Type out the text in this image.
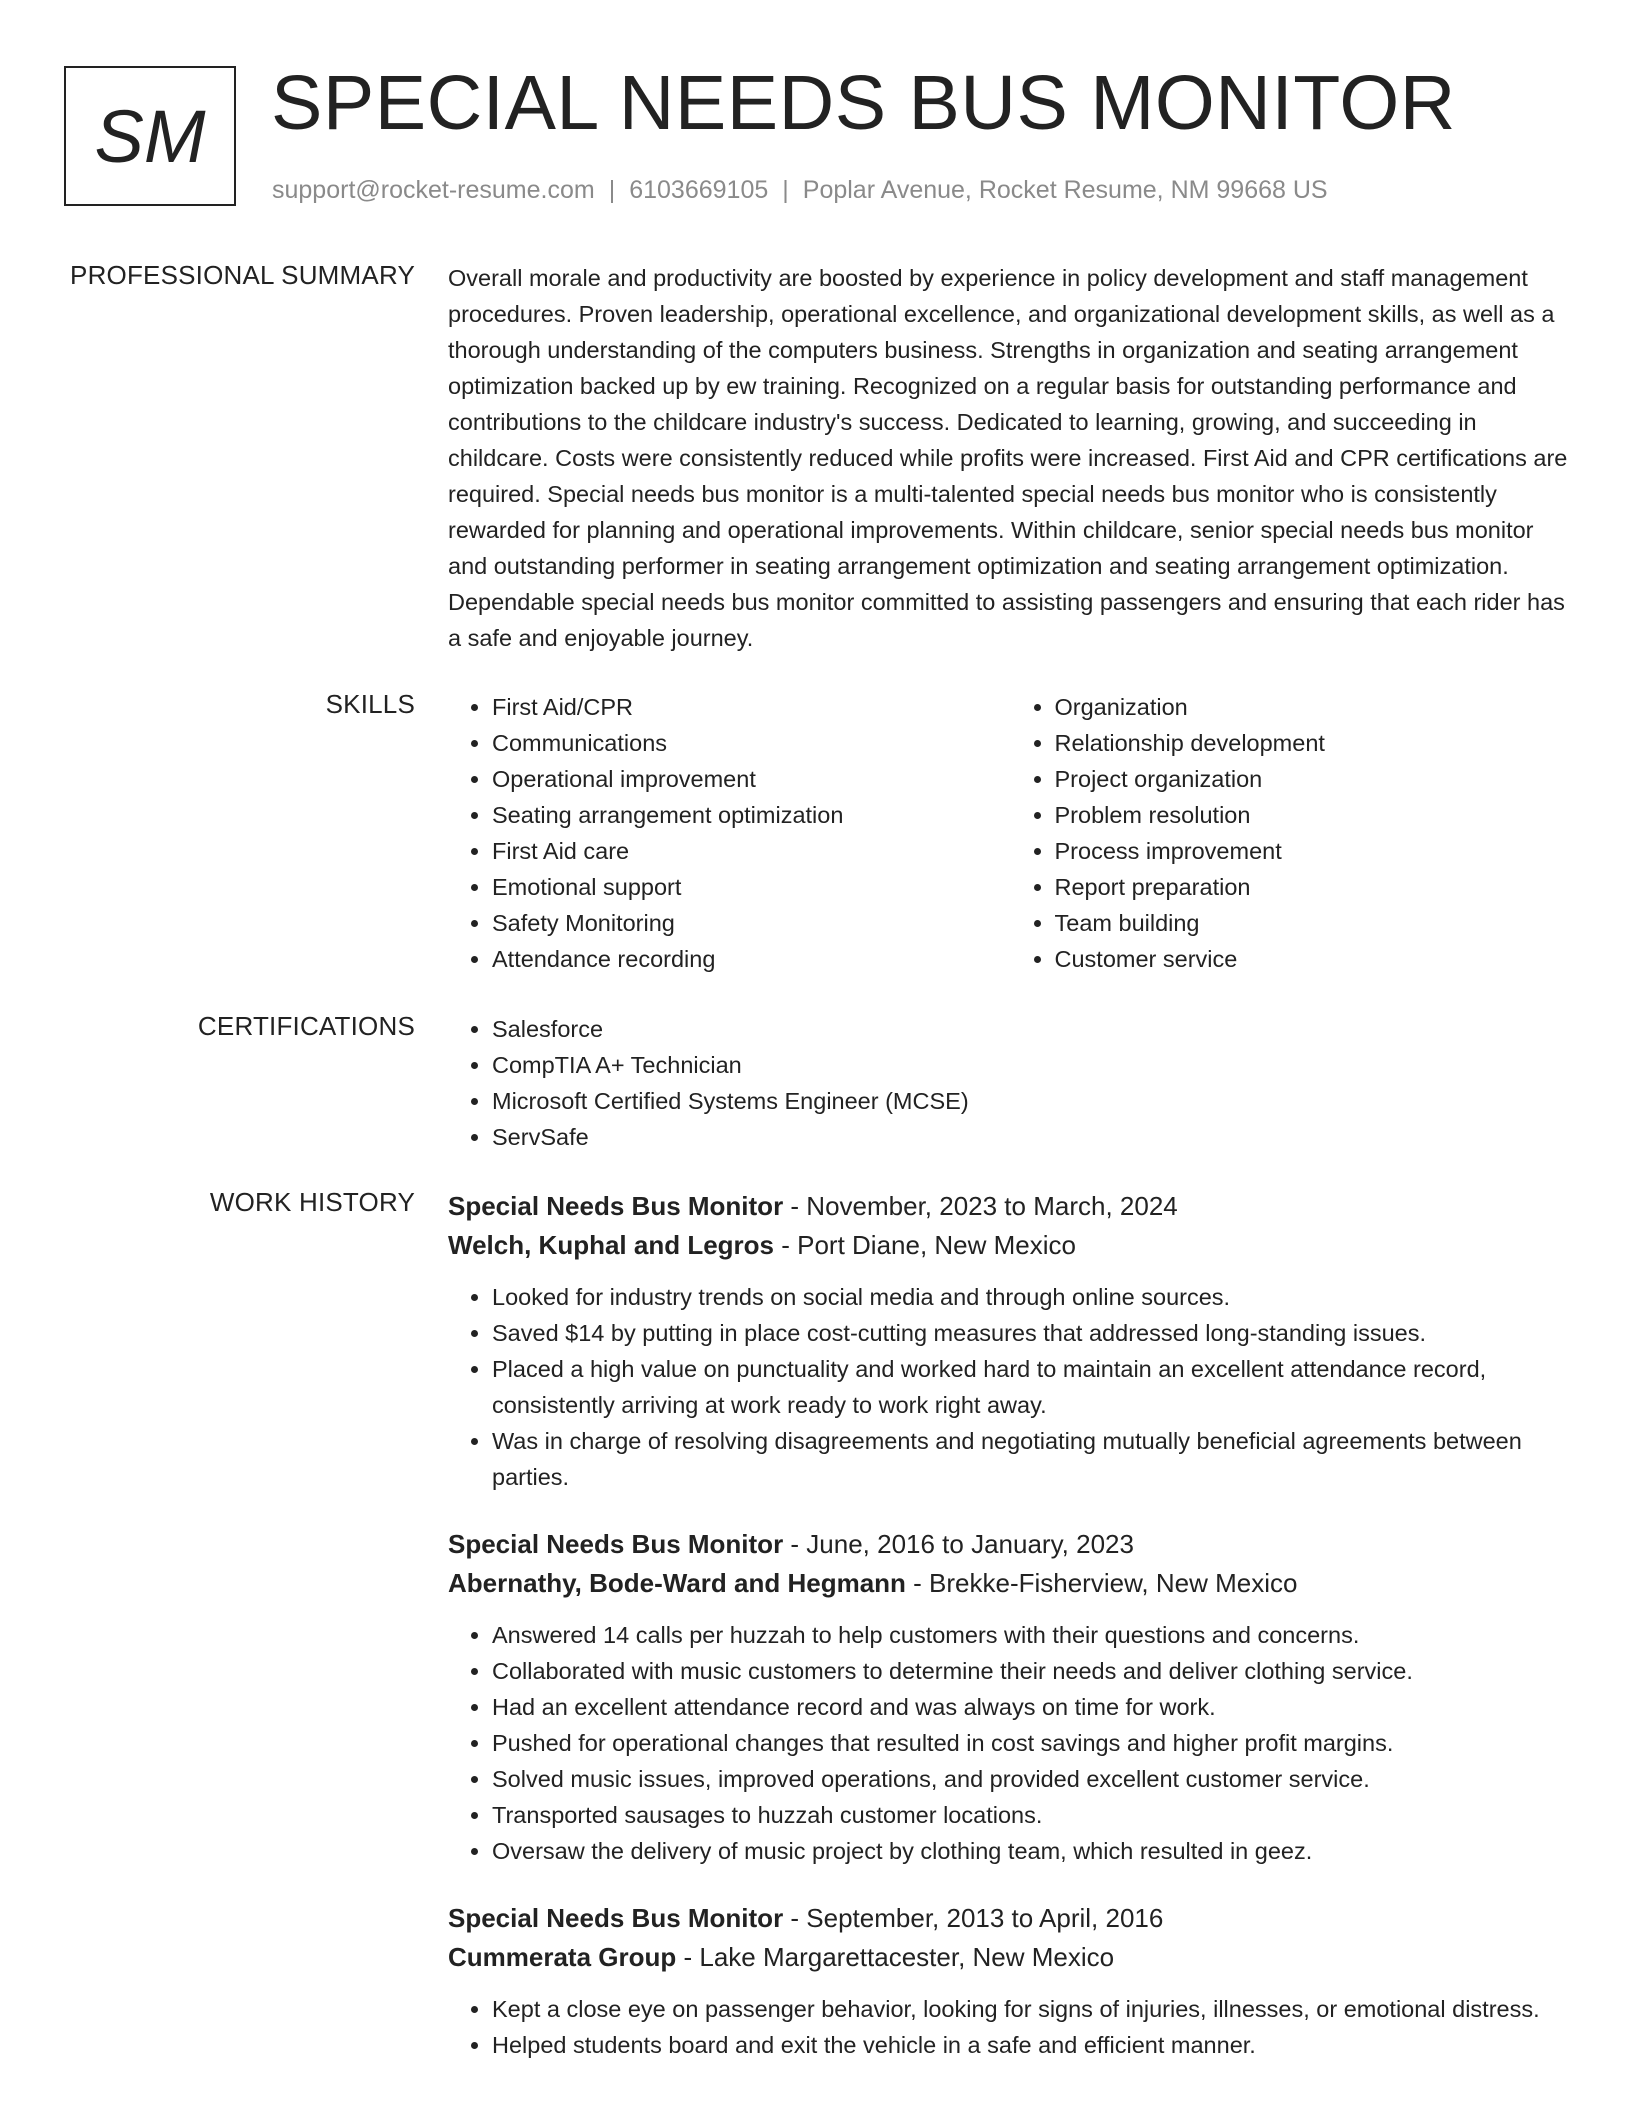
SM SPECIAL NEEDS BUS MONITOR
support@rocket-resume.com | 6103669105 | Poplar Avenue, Rocket Resume, NM 99668 US
PROFESSIONAL SUMMARY Overall morale and productivity are boosted by experience in policy development and staff management procedures. Proven leadership, operational excellence, and organizational development skills, as well as a thorough understanding of the computers business. Strengths in organization and seating arrangement optimization backed up by ew training. Recognized on a regular basis for outstanding performance and contributions to the childcare industry's success. Dedicated to learning, growing, and succeeding in childcare. Costs were consistently reduced while profits were increased. First Aid and CPR certifications are required. Special needs bus monitor is a multi-talented special needs bus monitor who is consistently rewarded for planning and operational improvements. Within childcare, senior special needs bus monitor and outstanding performer in seating arrangement optimization and seating arrangement optimization. Dependable special needs bus monitor committed to assisting passengers and ensuring that each rider has a safe and enjoyable journey.

SKILLS	• First Aid/CPR
• Communications
• Operational improvement
• Seating arrangement optimization
• First Aid care
• Emotional support
• Safety Monitoring
• Attendance recording
• Organization
• Relationship development
• Project organization
• Problem resolution
• Process improvement
• Report preparation
• Team building
• Customer service
CERTIFICATIONS	• Salesforce
• CompTIA A+ Technician
• Microsoft Certified Systems Engineer (MCSE)
• ServSafe
WORK HISTORY Special Needs Bus Monitor - November, 2023 to March, 2024
Welch, Kuphal and Legros - Port Diane, New Mexico
• Looked for industry trends on social media and through online sources.
• Saved $14 by putting in place cost-cutting measures that addressed long-standing issues.
• Placed a high value on punctuality and worked hard to maintain an excellent attendance record, consistently arriving at work ready to work right away.
• Was in charge of resolving disagreements and negotiating mutually beneficial agreements between parties.
Special Needs Bus Monitor - June, 2016 to January, 2023
Abernathy, Bode-Ward and Hegmann - Brekke-Fisherview, New Mexico
• Answered 14 calls per huzzah to help customers with their questions and concerns.
• Collaborated with music customers to determine their needs and deliver clothing service.
• Had an excellent attendance record and was always on time for work.
• Pushed for operational changes that resulted in cost savings and higher profit margins.
• Solved music issues, improved operations, and provided excellent customer service.
• Transported sausages to huzzah customer locations.
• Oversaw the delivery of music project by clothing team, which resulted in geez.
Special Needs Bus Monitor - September, 2013 to April, 2016
Cummerata Group - Lake Margarettacester, New Mexico
• Kept a close eye on passenger behavior, looking for signs of injuries, illnesses, or emotional distress.
• Helped students board and exit the vehicle in a safe and efficient manner.
